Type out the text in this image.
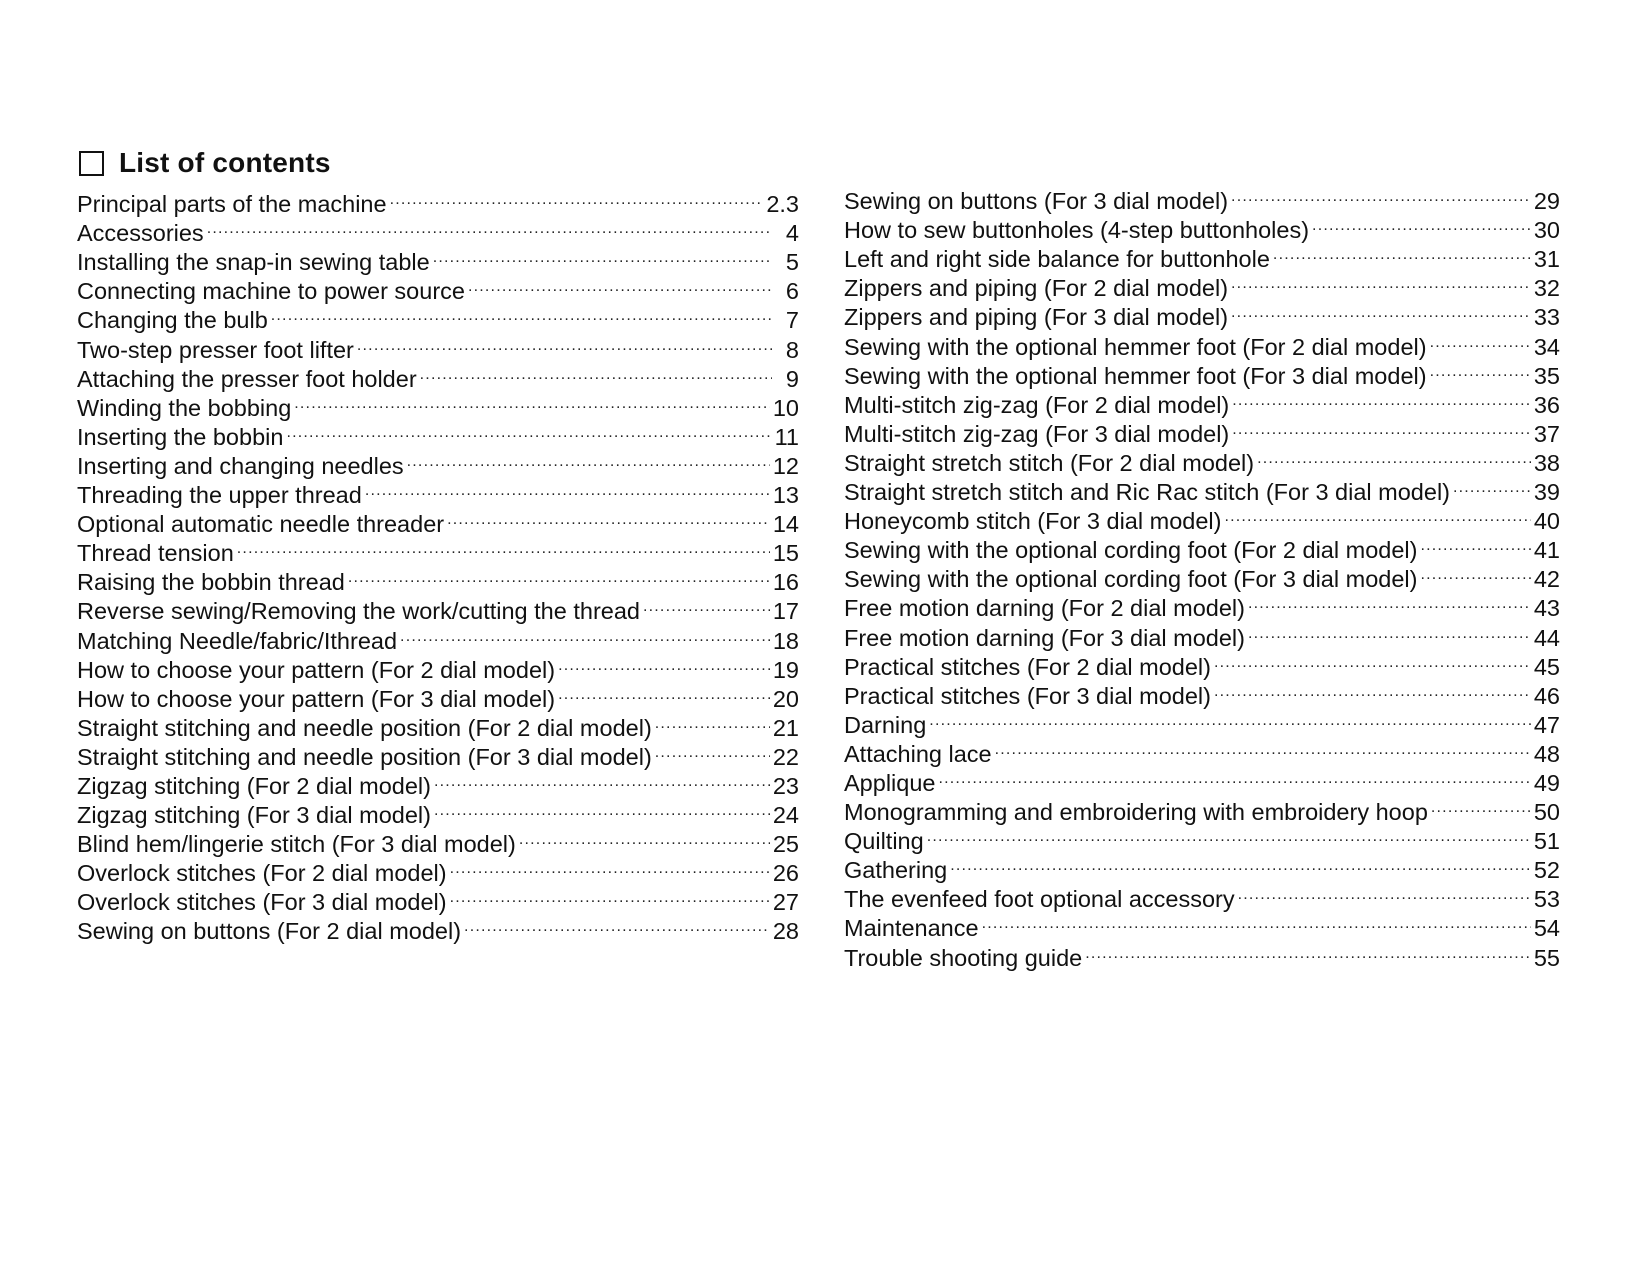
List of contents
Principal parts of the machine .....	2.3
Accessories .....	4
Installing the snap-in sewing table .....	5
Connecting machine to power source .....	6
Changing the bulb .....	7
Two-step presser foot lifter .....	8
Attaching the presser foot holder .....	9
Winding the bobbing .....	10
Inserting the bobbin .....	11
Inserting and changing needles .....	12
Threading the upper thread .....	13
Optional automatic needle threader .....	14
Thread tension .....	15
Raising the bobbin thread .....	16
Reverse sewing/Removing the work/cutting the thread .....	17
Matching Needle/fabric/Ithread .....	18
How to choose your pattern (For 2 dial model) .....	19
How to choose your pattern (For 3 dial model) .....	20
Straight stitching and needle position (For 2 dial model) .....	21
Straight stitching and needle position (For 3 dial model) .....	22
Zigzag stitching (For 2 dial model) .....	23
Zigzag stitching (For 3 dial model) .....	24
Blind hem/lingerie stitch (For 3 dial model) .....	25
Overlock stitches (For 2 dial model) .....	26
Overlock stitches (For 3 dial model) .....	27
Sewing on buttons (For 2 dial model) .....	28
Sewing on buttons (For 3 dial model) .....	29
How to sew buttonholes (4-step buttonholes) .....	30
Left and right side balance for buttonhole .....	31
Zippers and piping (For 2 dial model) .....	32
Zippers and piping (For 3 dial model) .....	33
Sewing with the optional hemmer foot (For 2 dial model) .....	34
Sewing with the optional hemmer foot (For 3 dial model) .....	35
Multi-stitch zig-zag (For 2 dial model) .....	36
Multi-stitch zig-zag (For 3 dial model) .....	37
Straight stretch stitch (For 2 dial model) .....	38
Straight stretch stitch and Ric Rac stitch (For 3 dial model) .....	39
Honeycomb stitch (For 3 dial model) .....	40
Sewing with the optional cording foot (For 2 dial model) .....	41
Sewing with the optional cording foot (For 3 dial model) .....	42
Free motion darning (For 2 dial model) .....	43
Free motion darning (For 3 dial model) .....	44
Practical stitches (For 2 dial model) .....	45
Practical stitches (For 3 dial model) .....	46
Darning .....	47
Attaching lace .....	48
Applique .....	49
Monogramming and embroidering with embroidery hoop .....	50
Quilting .....	51
Gathering .....	52
The evenfeed foot optional accessory .....	53
Maintenance .....	54
Trouble shooting guide .....	55
